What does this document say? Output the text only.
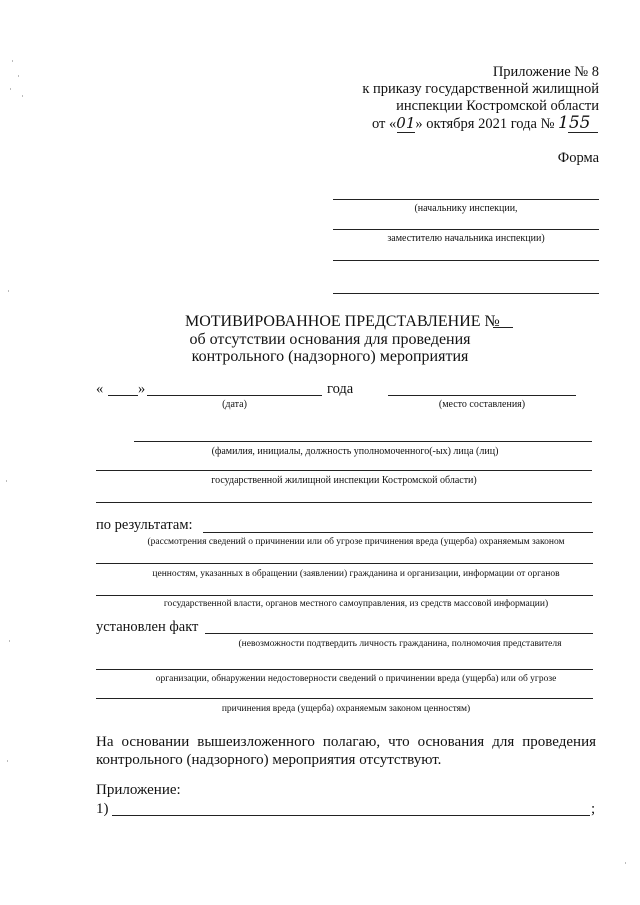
Приложение № 8
к приказу государственной жилищной
инспекции Костромской области
от «01» октября 2021 года № 155
Форма
(начальнику инспекции,
заместителю начальника инспекции)
МОТИВИРОВАННОЕ ПРЕДСТАВЛЕНИЕ №
об отсутствии основания для проведения
контрольного (надзорного) мероприятия
« »	года
(дата)	(место составления)
(фамилия, инициалы, должность уполномоченного(-ых) лица (лиц)
государственной жилищной инспекции Костромской области)
по результатам:
(рассмотрения сведений о причинении или об угрозе причинения вреда (ущерба) охраняемым законом
ценностям, указанных в обращении (заявлении) гражданина и организации, информации от органов
государственной власти, органов местного самоуправления, из средств массовой информации)
установлен факт
(невозможности подтвердить личность гражданина, полномочия представителя
организации, обнаружении недостоверности сведений о причинении вреда (ущерба) или об угрозе
причинения вреда (ущерба) охраняемым законом ценностям)
На основании вышеизложенного полагаю, что основания для проведения
контрольного (надзорного) мероприятия отсутствуют.
Приложение:
1)	;
